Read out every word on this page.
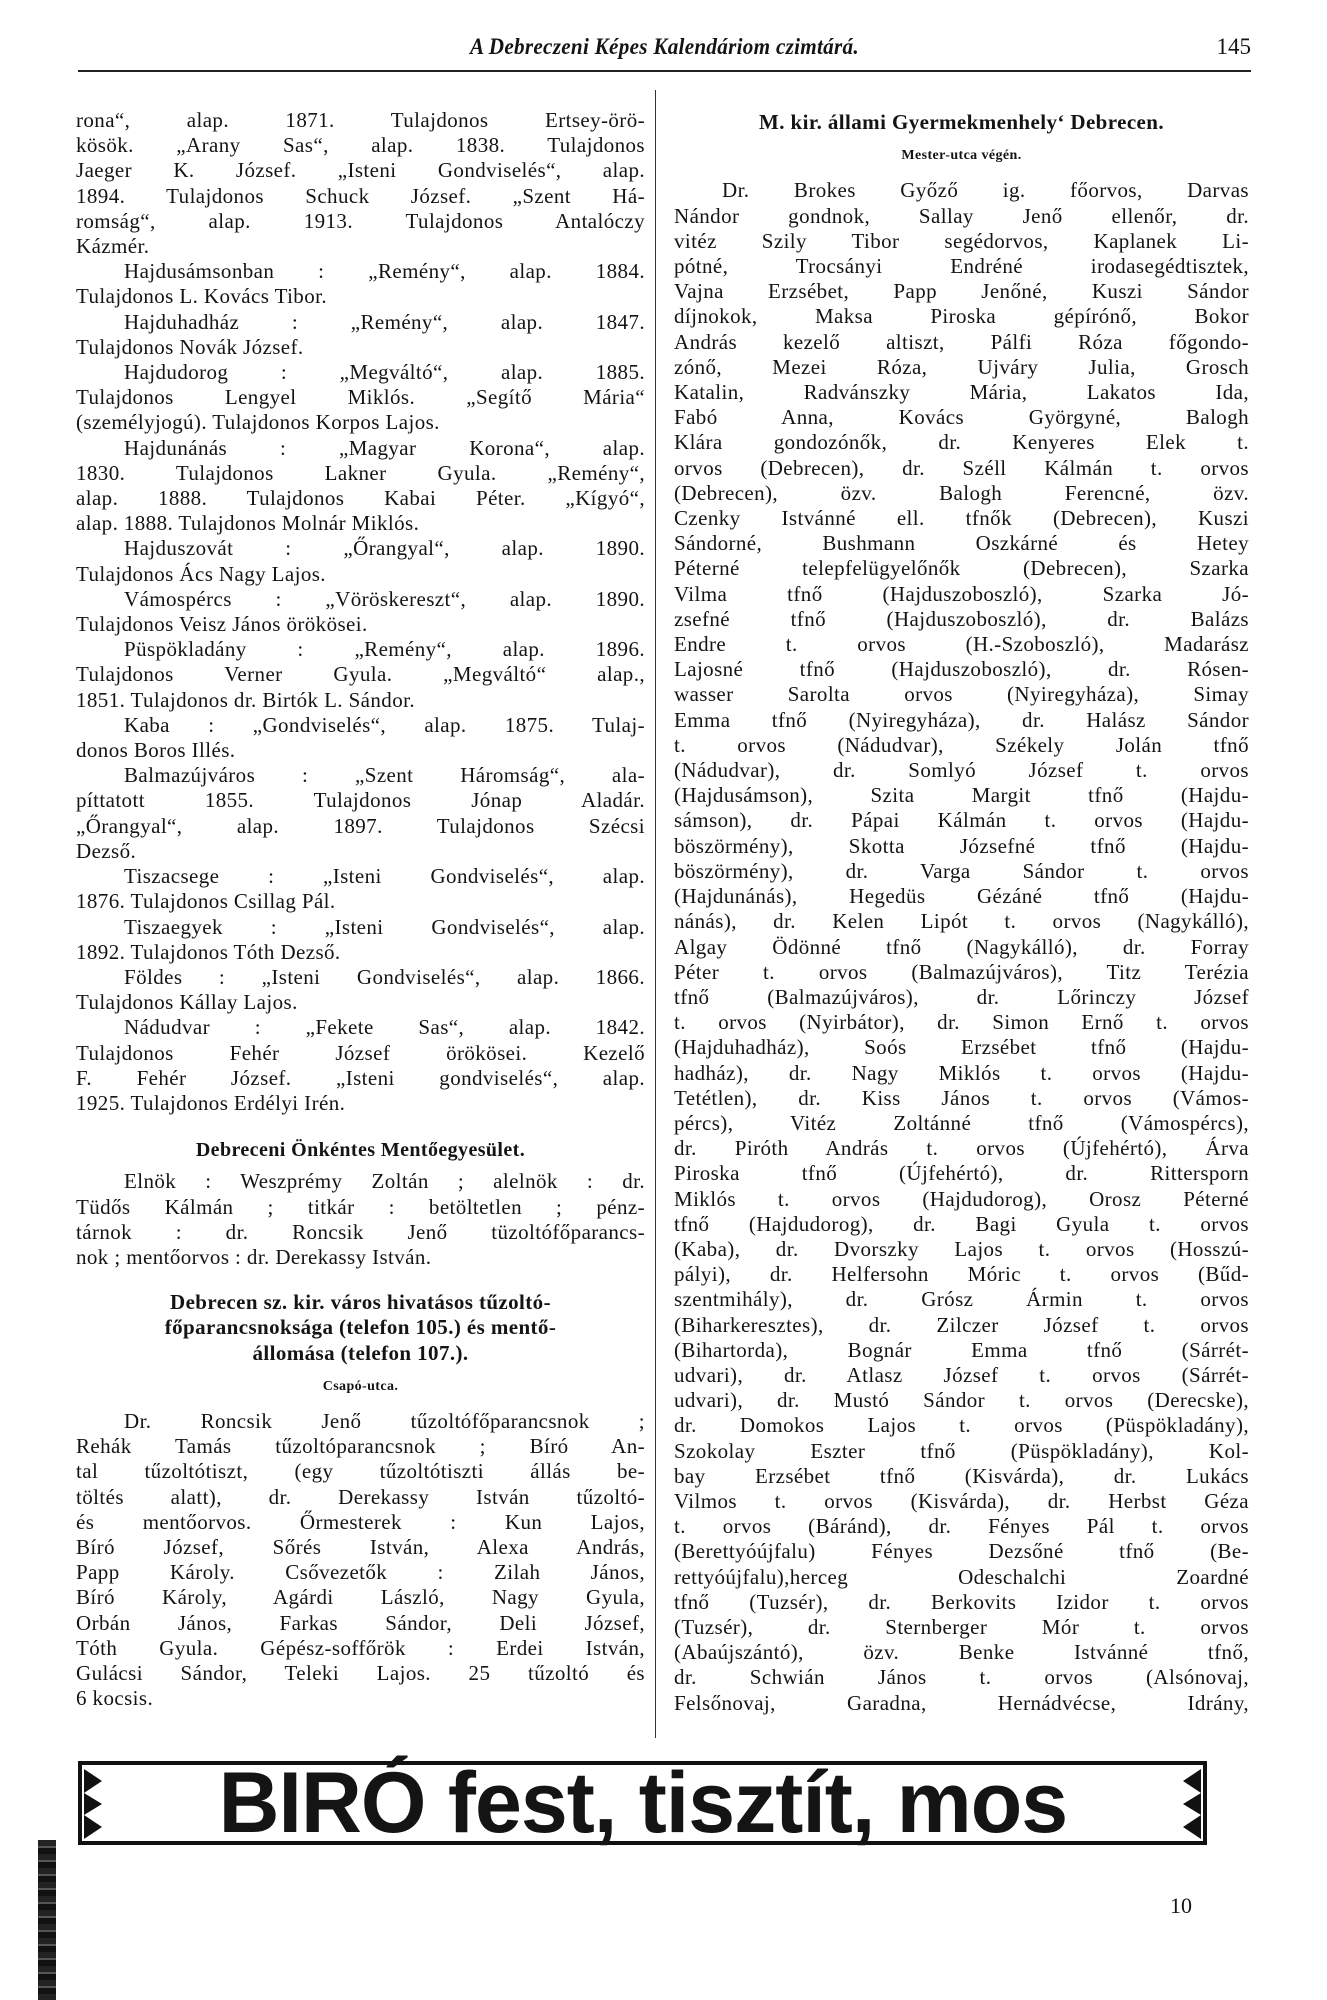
A Debreczeni Képes Kalendáriom czimtárá.	145
rona“, alap. 1871. Tulajdonos Ertsey-örö-
kösök. „Arany Sas“, alap. 1838. Tulajdonos
Jaeger K. József. „Isteni Gondviselés“, alap.
1894. Tulajdonos Schuck József. „Szent Há-
romság“, alap. 1913. Tulajdonos Antalóczy
Kázmér.
Hajdusámsonban : „Remény“, alap. 1884.
Tulajdonos L. Kovács Tibor.
Hajduhadház : „Remény“, alap. 1847.
Tulajdonos Novák József.
Hajdudorog : „Megváltó“, alap. 1885.
Tulajdonos Lengyel Miklós. „Segítő Mária“
(személyjogú). Tulajdonos Korpos Lajos.
Hajdunánás : „Magyar Korona“, alap.
1830. Tulajdonos Lakner Gyula. „Remény“,
alap. 1888. Tulajdonos Kabai Péter. „Kígyó“,
alap. 1888. Tulajdonos Molnár Miklós.
Hajduszovát : „Őrangyal“, alap. 1890.
Tulajdonos Ács Nagy Lajos.
Vámospércs : „Vöröskereszt“, alap. 1890.
Tulajdonos Veisz János örökösei.
Püspökladány : „Remény“, alap. 1896.
Tulajdonos Verner Gyula. „Megváltó“ alap.,
1851. Tulajdonos dr. Birtók L. Sándor.
Kaba : „Gondviselés“, alap. 1875. Tulaj-
donos Boros Illés.
Balmazújváros : „Szent Háromság“, ala-
píttatott 1855. Tulajdonos Jónap Aladár.
„Őrangyal“, alap. 1897. Tulajdonos Szécsi
Dezső.
Tiszacsege : „Isteni Gondviselés“, alap.
1876. Tulajdonos Csillag Pál.
Tiszaegyek : „Isteni Gondviselés“, alap.
1892. Tulajdonos Tóth Dezső.
Földes : „Isteni Gondviselés“, alap. 1866.
Tulajdonos Kállay Lajos.
Nádudvar : „Fekete Sas“, alap. 1842.
Tulajdonos Fehér József örökösei. Kezelő
F. Fehér József. „Isteni gondviselés“, alap.
1925. Tulajdonos Erdélyi Irén.
Debreceni Önkéntes Mentőegyesület.
Elnök : Weszprémy Zoltán ; alelnök : dr.
Tüdős Kálmán ; titkár : betöltetlen ; pénz-
tárnok : dr. Roncsik Jenő tüzoltófőparancs-
nok ; mentőorvos : dr. Derekassy István.
Debrecen sz. kir. város hivatásos tűzoltó-
főparancsnoksága (telefon 105.) és mentő-
állomása (telefon 107.).
Csapó-utca.
Dr. Roncsik Jenő tűzoltófőparancsnok ;
Rehák Tamás tűzoltóparancsnok ; Bíró An-
tal tűzoltótiszt, (egy tűzoltótiszti állás be-
töltés alatt), dr. Derekassy István tűzoltó-
és mentőorvos. Őrmesterek : Kun Lajos,
Bíró József, Sőrés István, Alexa András,
Papp Károly. Csővezetők : Zilah János,
Bíró Károly, Agárdi László, Nagy Gyula,
Orbán János, Farkas Sándor, Deli József,
Tóth Gyula. Gépész-soffőrök : Erdei István,
Gulácsi Sándor, Teleki Lajos. 25 tűzoltó és
6 kocsis.
M. kir. állami Gyermekmenhely‘ Debrecen.
Mester-utca végén.
Dr. Brokes Győző ig. főorvos, Darvas
Nándor gondnok, Sallay Jenő ellenőr, dr.
vitéz Szily Tibor segédorvos, Kaplanek Li-
pótné, Trocsányi Endréné irodasegédtisztek,
Vajna Erzsébet, Papp Jenőné, Kuszi Sándor
díjnokok, Maksa Piroska gépírónő, Bokor
András kezelő altiszt, Pálfi Róza főgondo-
zónő, Mezei Róza, Ujváry Julia, Grosch
Katalin, Radvánszky Mária, Lakatos Ida,
Fabó Anna, Kovács Györgyné, Balogh
Klára gondozónők, dr. Kenyeres Elek t.
orvos (Debrecen), dr. Széll Kálmán t. orvos
(Debrecen), özv. Balogh Ferencné, özv.
Czenky Istvánné ell. tfnők (Debrecen), Kuszi
Sándorné, Bushmann Oszkárné és Hetey
Péterné telepfelügyelőnők (Debrecen), Szarka
Vilma tfnő (Hajduszoboszló), Szarka Jó-
zsefné tfnő (Hajduszoboszló), dr. Balázs
Endre t. orvos (H.-Szoboszló), Madarász
Lajosné tfnő (Hajduszoboszló), dr. Rósen-
wasser Sarolta orvos (Nyiregyháza), Simay
Emma tfnő (Nyiregyháza), dr. Halász Sándor
t. orvos (Nádudvar), Székely Jolán tfnő
(Nádudvar), dr. Somlyó József t. orvos
(Hajdusámson), Szita Margit tfnő (Hajdu-
sámson), dr. Pápai Kálmán t. orvos (Hajdu-
böszörmény), Skotta Józsefné tfnő (Hajdu-
böszörmény), dr. Varga Sándor t. orvos
(Hajdunánás), Hegedüs Gézáné tfnő (Hajdu-
nánás), dr. Kelen Lipót t. orvos (Nagykálló),
Algay Ödönné tfnő (Nagykálló), dr. Forray
Péter t. orvos (Balmazújváros), Titz Terézia
tfnő (Balmazújváros), dr. Lőrinczy József
t. orvos (Nyirbátor), dr. Simon Ernő t. orvos
(Hajduhadház), Soós Erzsébet tfnő (Hajdu-
hadház), dr. Nagy Miklós t. orvos (Hajdu-
Tetétlen), dr. Kiss János t. orvos (Vámos-
pércs), Vitéz Zoltánné tfnő (Vámospércs),
dr. Piróth András t. orvos (Újfehértó), Árva
Piroska tfnő (Újfehértó), dr. Rittersporn
Miklós t. orvos (Hajdudorog), Orosz Péterné
tfnő (Hajdudorog), dr. Bagi Gyula t. orvos
(Kaba), dr. Dvorszky Lajos t. orvos (Hosszú-
pályi), dr. Helfersohn Móric t. orvos (Bűd-
szentmihály), dr. Grósz Ármin t. orvos
(Biharkeresztes), dr. Zilczer József t. orvos
(Bihartorda), Bognár Emma tfnő (Sárrét-
udvari), dr. Atlasz József t. orvos (Sárrét-
udvari), dr. Mustó Sándor t. orvos (Derecske),
dr. Domokos Lajos t. orvos (Püspökladány),
Szokolay Eszter tfnő (Püspökladány), Kol-
bay Erzsébet tfnő (Kisvárda), dr. Lukács
Vilmos t. orvos (Kisvárda), dr. Herbst Géza
t. orvos (Báránd), dr. Fényes Pál t. orvos
(Berettyóújfalu) Fényes Dezsőné tfnő (Be-
rettyóújfalu),herceg Odeschalchi Zoardné
tfnő (Tuzsér), dr. Berkovits Izidor t. orvos
(Tuzsér), dr. Sternberger Mór t. orvos
(Abaújszántó), özv. Benke Istvánné tfnő,
dr. Schwián János t. orvos (Alsónovaj,
Felsőnovaj, Garadna, Hernádvécse, Idrány,
BIRÓ fest, tisztít, mos
10
